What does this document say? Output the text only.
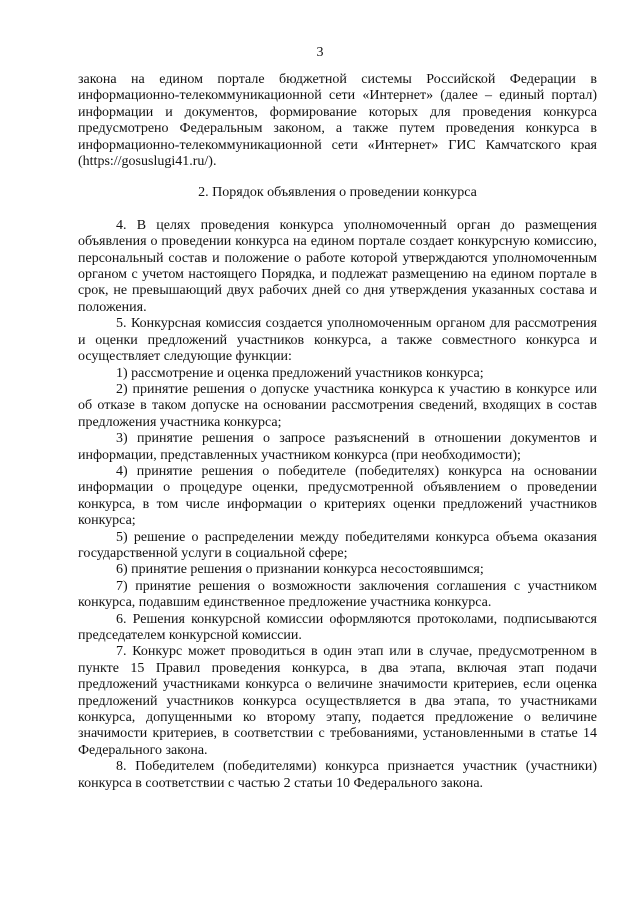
3

закона на едином портале бюджетной системы Российской Федерации в информационно-телекоммуникационной сети «Интернет» (далее – единый портал) информации и документов, формирование которых для проведения конкурса предусмотрено Федеральным законом, а также путем проведения конкурса в информационно-телекоммуникационной сети «Интернет» ГИС Камчатского края (https://gosuslugi41.ru/).

2. Порядок объявления о проведении конкурса

4. В целях проведения конкурса уполномоченный орган до размещения объявления о проведении конкурса на едином портале создает конкурсную комиссию, персональный состав и положение о работе которой утверждаются уполномоченным органом с учетом настоящего Порядка, и подлежат размещению на едином портале в срок, не превышающий двух рабочих дней со дня утверждения указанных состава и положения.

5. Конкурсная комиссия создается уполномоченным органом для рассмотрения и оценки предложений участников конкурса, а также совместного конкурса и осуществляет следующие функции:

1) рассмотрение и оценка предложений участников конкурса;

2) принятие решения о допуске участника конкурса к участию в конкурсе или об отказе в таком допуске на основании рассмотрения сведений, входящих в состав предложения участника конкурса;

3) принятие решения о запросе разъяснений в отношении документов и информации, представленных участником конкурса (при необходимости);

4) принятие решения о победителе (победителях) конкурса на основании информации о процедуре оценки, предусмотренной объявлением о проведении конкурса, в том числе информации о критериях оценки предложений участников конкурса;

5) решение о распределении между победителями конкурса объема оказания государственной услуги в социальной сфере;

6) принятие решения о признании конкурса несостоявшимся;

7) принятие решения о возможности заключения соглашения с участником конкурса, подавшим единственное предложение участника конкурса.

6. Решения конкурсной комиссии оформляются протоколами, подписываются председателем конкурсной комиссии.

7. Конкурс может проводиться в один этап или в случае, предусмотренном в пункте 15 Правил проведения конкурса, в два этапа, включая этап подачи предложений участниками конкурса о величине значимости критериев, если оценка предложений участников конкурса осуществляется в два этапа, то участниками конкурса, допущенными ко второму этапу, подается предложение о величине значимости критериев, в соответствии с требованиями, установленными в статье 14 Федерального закона.

8. Победителем (победителями) конкурса признается участник (участники) конкурса в соответствии с частью 2 статьи 10 Федерального закона.
